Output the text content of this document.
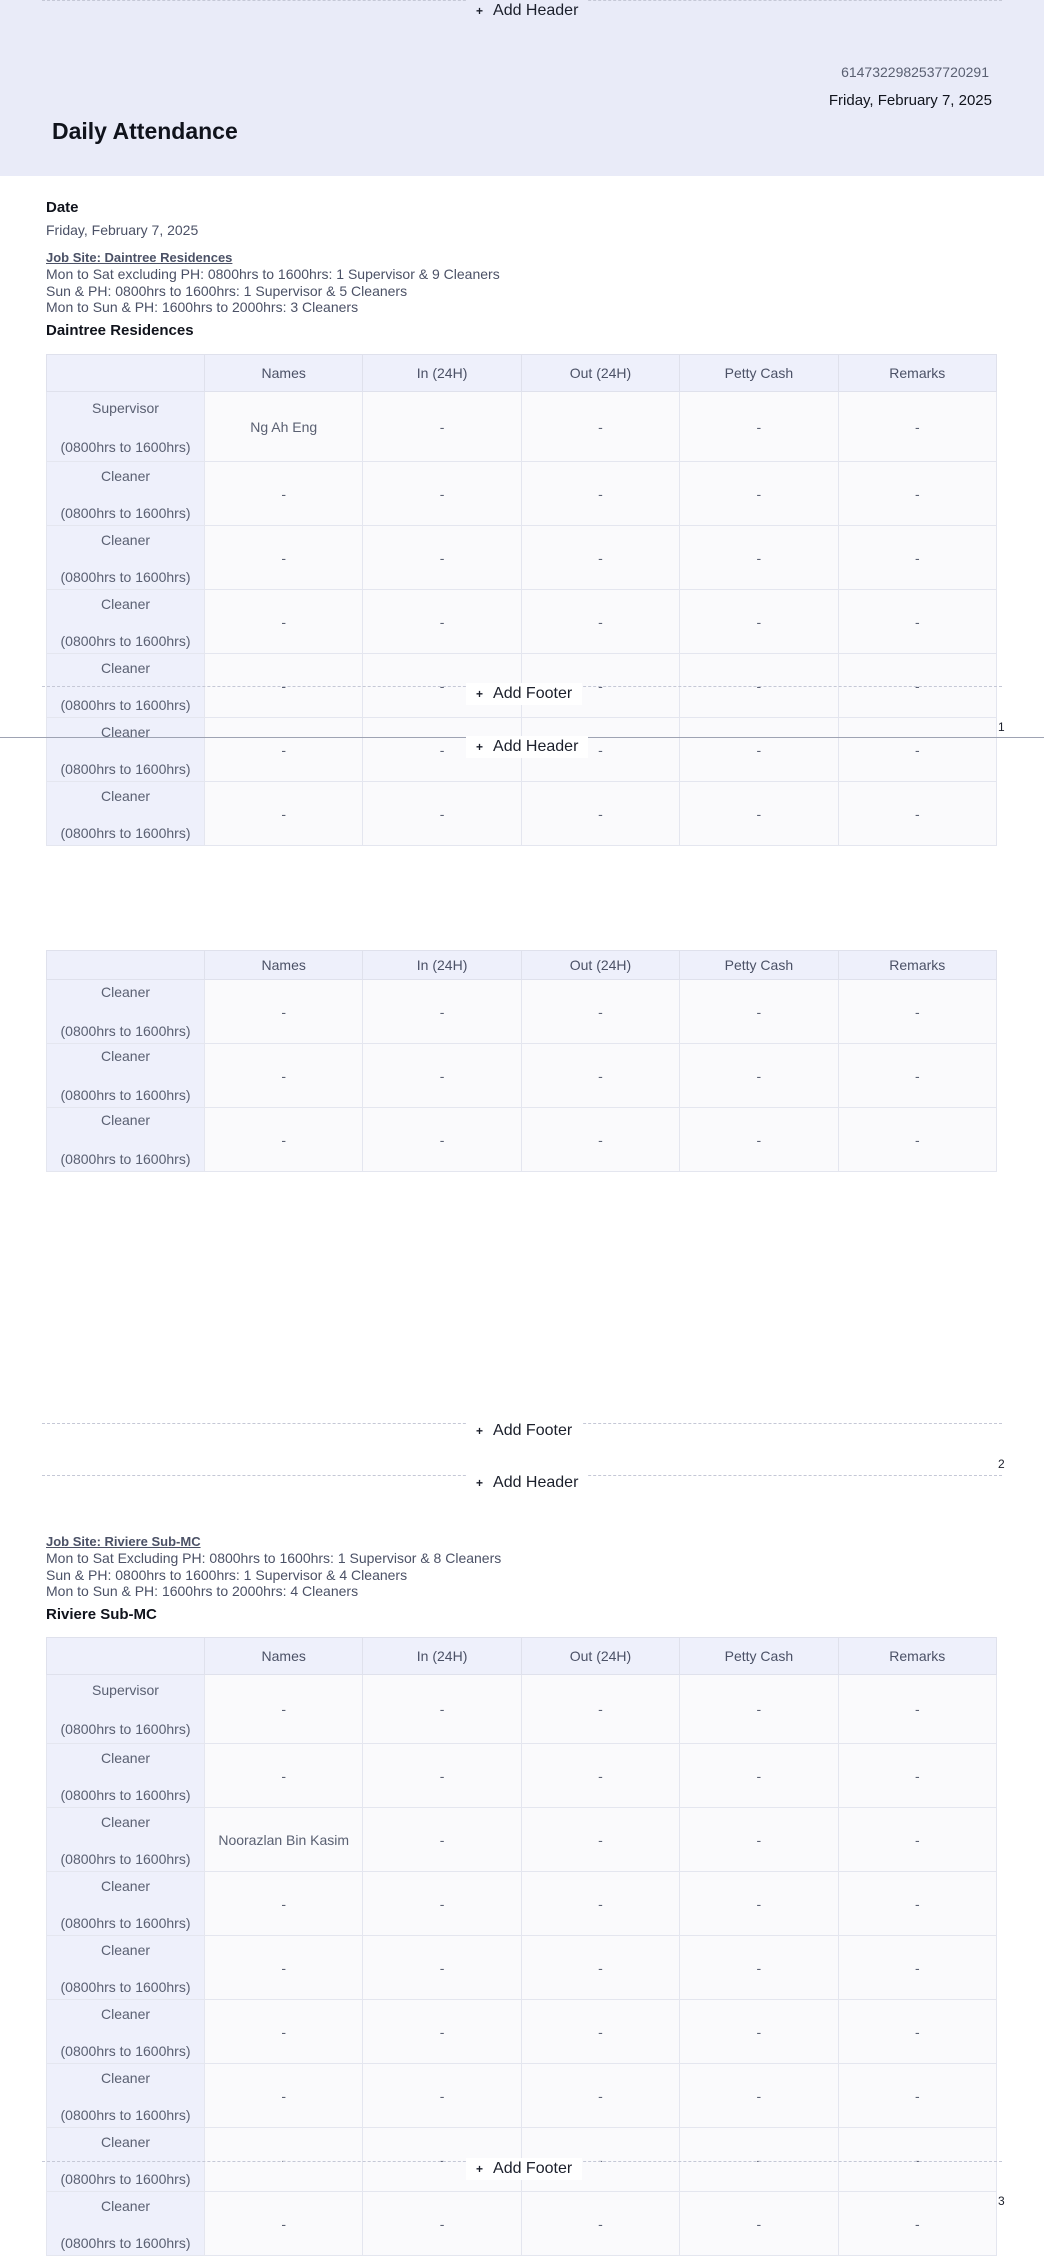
+ Add Header
6147322982537720291
Friday, February 7, 2025
Daily Attendance
Date
Friday, February 7, 2025
Job Site: Daintree Residences
Mon to Sat excluding PH: 0800hrs to 1600hrs: 1 Supervisor & 9 Cleaners
Sun & PH: 0800hrs to 1600hrs: 1 Supervisor & 5 Cleaners
Mon to Sun & PH: 1600hrs to 2000hrs: 3 Cleaners
Daintree Residences
	Names	In (24H)	Out (24H)	Petty Cash	Remarks

Supervisor
(0800hrs to 1600hrs)	Ng Ah Eng	-	-	-	-

Cleaner
(0800hrs to 1600hrs)	-	-	-	-	-

Cleaner
(0800hrs to 1600hrs)	-	-	-	-	-

Cleaner
(0800hrs to 1600hrs)	-	-	-	-	-

Cleaner
(0800hrs to 1600hrs)	-	-	-	-	-

Cleaner
(0800hrs to 1600hrs)	-	-	-	-	-

Cleaner
(0800hrs to 1600hrs)	-	-	-	-	-
+ Add Footer
1
+ Add Header
	Names	In (24H)	Out (24H)	Petty Cash	Remarks

Cleaner
(0800hrs to 1600hrs)	-	-	-	-	-

Cleaner
(0800hrs to 1600hrs)	-	-	-	-	-

Cleaner
(0800hrs to 1600hrs)	-	-	-	-	-
+ Add Footer
2
+ Add Header
Job Site: Riviere Sub-MC
Mon to Sat Excluding PH: 0800hrs to 1600hrs: 1 Supervisor & 8 Cleaners
Sun & PH: 0800hrs to 1600hrs: 1 Supervisor & 4 Cleaners
Mon to Sun & PH: 1600hrs to 2000hrs: 4 Cleaners
Riviere Sub-MC
	Names	In (24H)	Out (24H)	Petty Cash	Remarks

Supervisor
(0800hrs to 1600hrs)	-	-	-	-	-

Cleaner
(0800hrs to 1600hrs)	-	-	-	-	-

Cleaner
(0800hrs to 1600hrs)	Noorazlan Bin Kasim	-	-	-	-

Cleaner
(0800hrs to 1600hrs)	-	-	-	-	-

Cleaner
(0800hrs to 1600hrs)	-	-	-	-	-

Cleaner
(0800hrs to 1600hrs)	-	-	-	-	-

Cleaner
(0800hrs to 1600hrs)	-	-	-	-	-

Cleaner
(0800hrs to 1600hrs)	-	-	-	-	-

Cleaner
(0800hrs to 1600hrs)	-	-	-	-	-
+ Add Footer
3
